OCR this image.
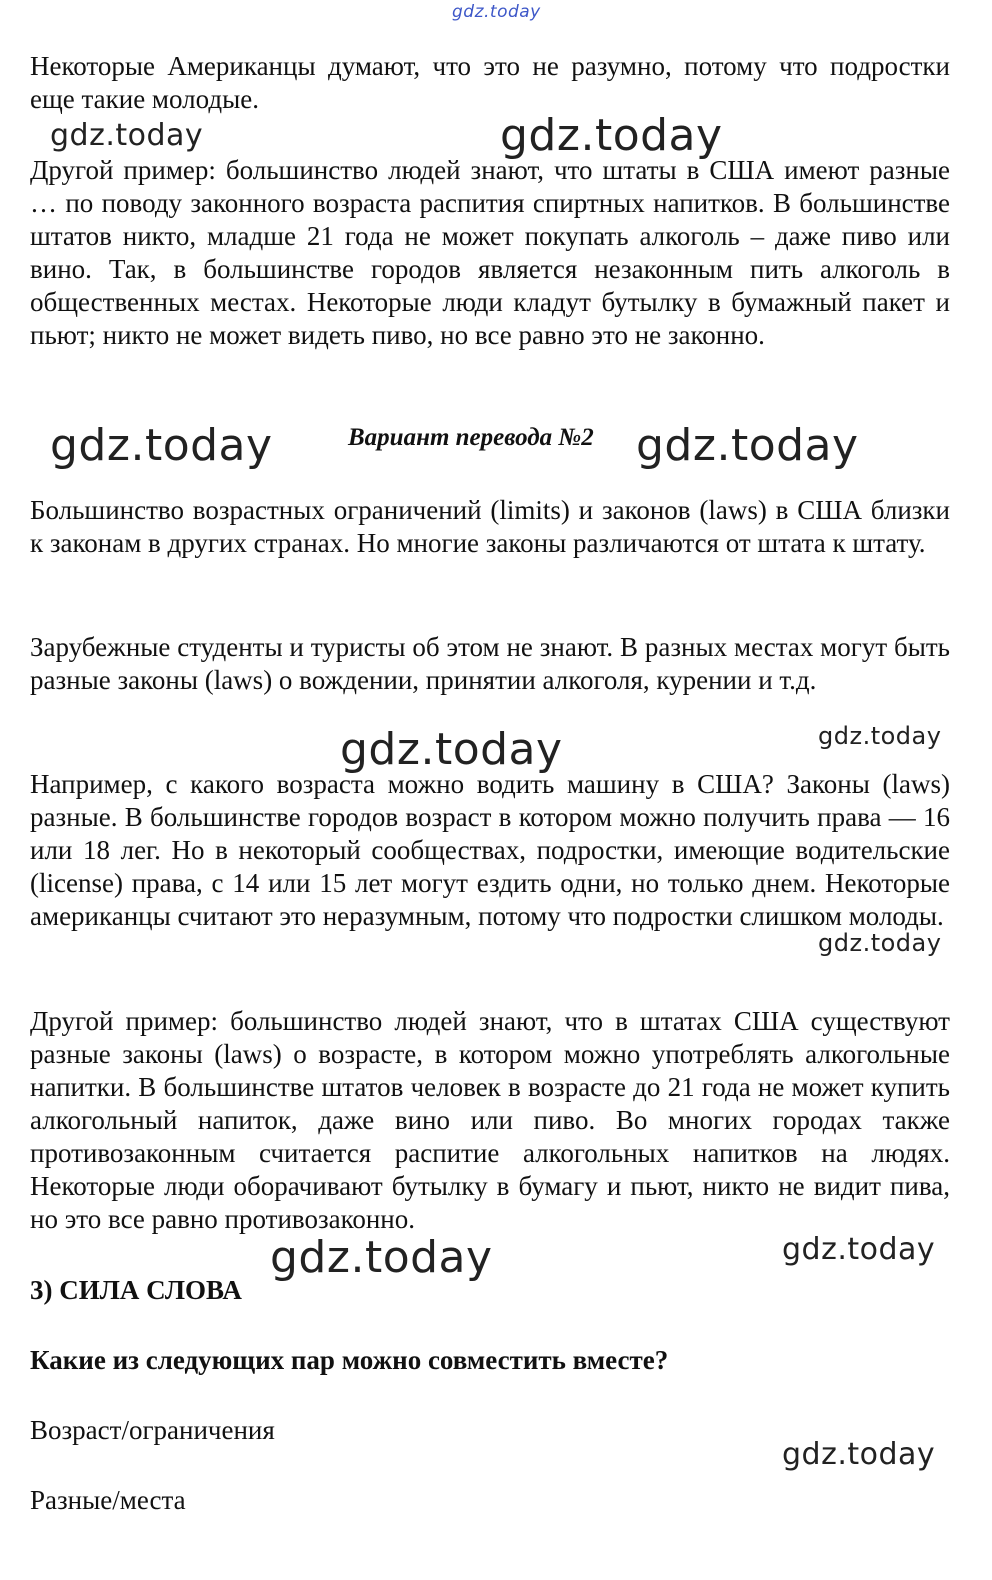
gdz.today

Некоторые Американцы думают, что это не разумно, потому что подростки еще такие молодые.

gdz.today	gdz.today

Другой пример: большинство людей знают, что штаты в США имеют разные … по поводу законного возраста распития спиртных напитков. В большинстве штатов никто, младше 21 года не может покупать алкоголь – даже пиво или вино. Так, в большинстве городов является незаконным пить алкоголь в общественных местах. Некоторые люди кладут бутылку в бумажный пакет и пьют; никто не может видеть пиво, но все равно это не законно.

gdz.today	Вариант перевода №2 gdz.today

Большинство возрастных ограничений (limits) и законов (laws) в США близки к законам в других странах. Но многие законы различаются от штата к штату.

Зарубежные студенты и туристы об этом не знают. В разных местах могут быть разные законы (laws) о вождении, принятии алкоголя, курении и т.д.

gdz.today	gdz.today

Например, с какого возраста можно водить машину в США? Законы (laws) разные. В большинстве городов возраст в котором можно получить права — 16 или 18 лег. Но в некоторый сообществах, подростки, имеющие водительские (license) права, с 14 или 15 лет могут ездить одни, но только днем. Некоторые американцы считают это неразумным, потому что подростки слишком молоды.

gdz.today

Другой пример: большинство людей знают, что в штатах США существуют разные законы (laws) о возрасте, в котором можно употреблять алкогольные напитки. В большинстве штатов человек в возрасте до 21 года не может купить алкогольный напиток, даже вино или пиво. Во многих городах также противозаконным считается распитие алкогольных напитков на людях. Некоторые люди оборачивают бутылку в бумагу и пьют, никто не видит пива, но это все равно противозаконно.

gdz.today	gdz.today

3) СИЛА СЛОВА

Какие из следующих пар можно совместить вместе?

Возраст/ограничения

gdz.today

Разные/места
